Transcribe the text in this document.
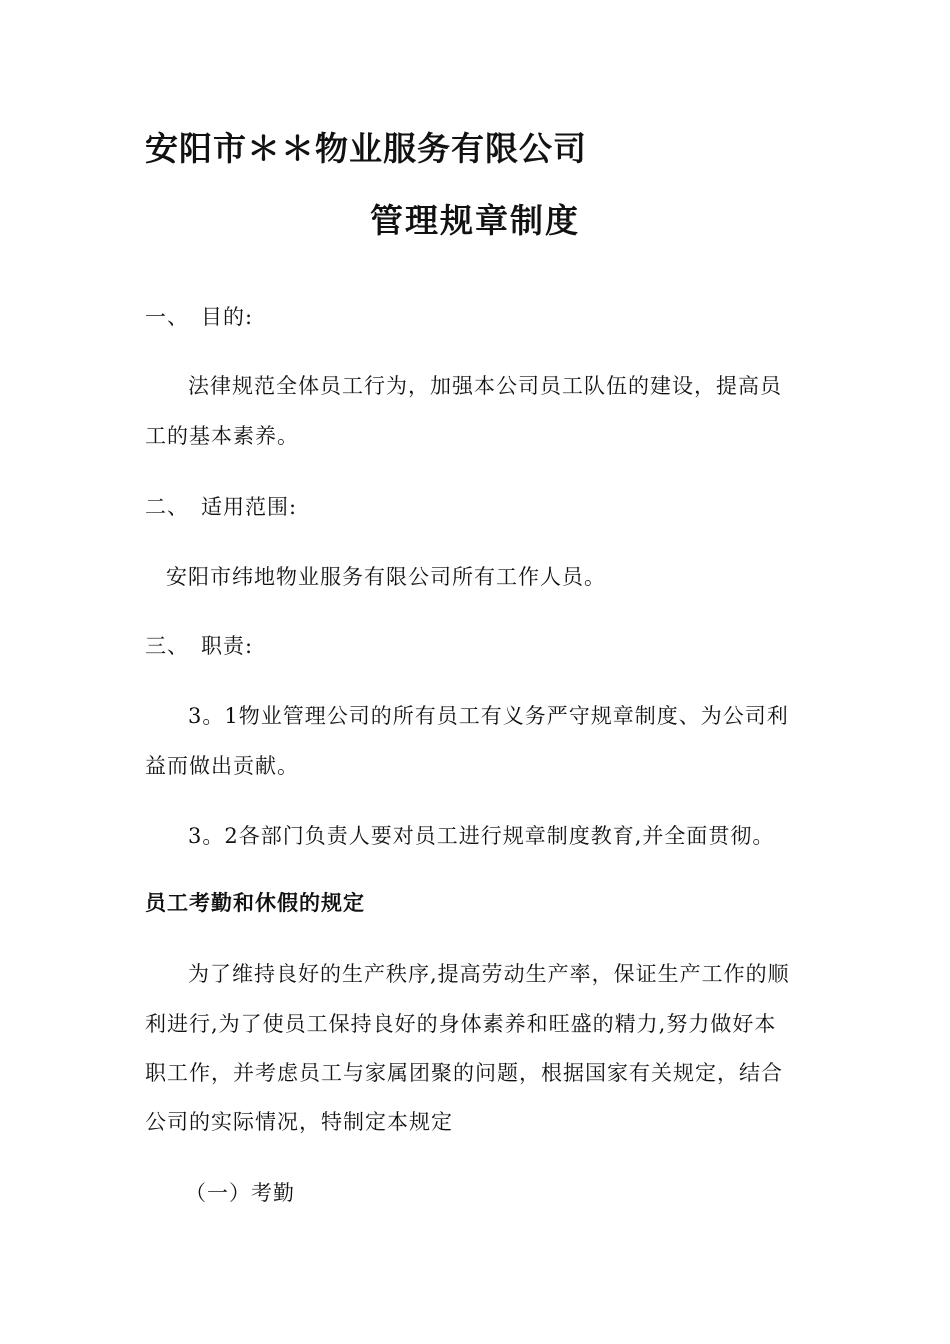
安阳市＊＊物业服务有限公司
管理规章制度
一、 目的:
法律规范全体员工行为，加强本公司员工队伍的建设，提高员
工的基本素养。
二、 适用范围:
安阳市纬地物业服务有限公司所有工作人员。
三、 职责:
3。1物业管理公司的所有员工有义务严守规章制度、为公司利
益而做出贡献。
3。2各部门负责人要对员工进行规章制度教育,并全面贯彻。
员工考勤和休假的规定
为了维持良好的生产秩序,提高劳动生产率，保证生产工作的顺
利进行,为了使员工保持良好的身体素养和旺盛的精力,努力做好本
职工作，并考虑员工与家属团聚的问题，根据国家有关规定，结合
公司的实际情况，特制定本规定
（一）考勤
